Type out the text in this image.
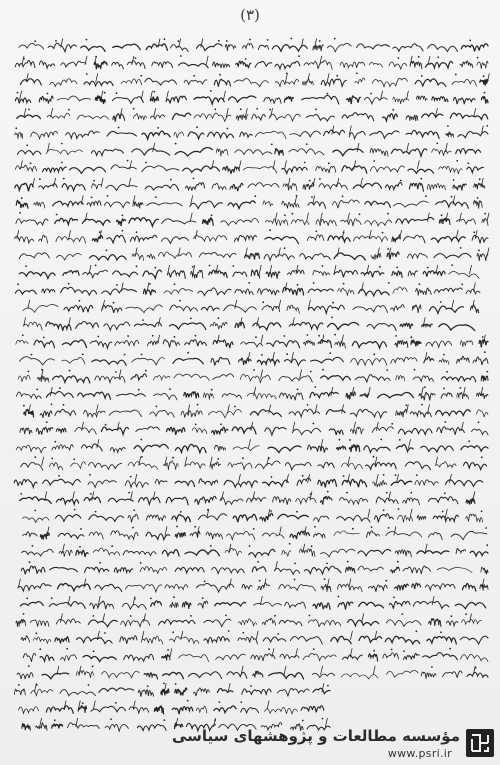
(٣)
مؤسسه مطالعات و پژوهشهای سیاسی
www.psri.ir
